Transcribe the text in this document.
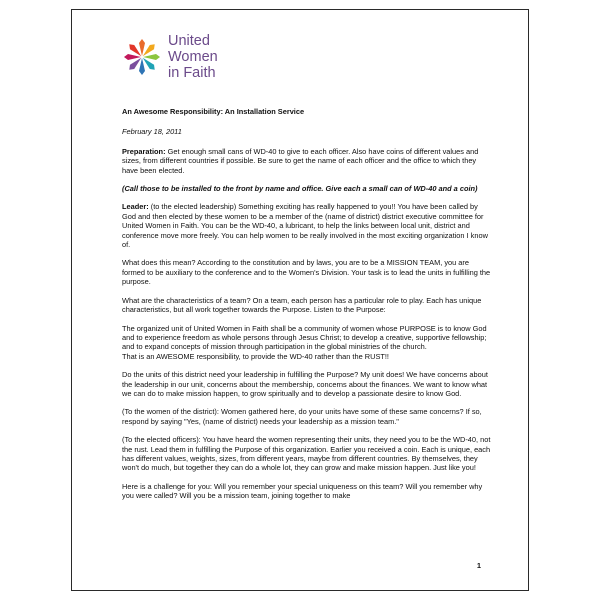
United
Women
in Faith

An Awesome Responsibility: An Installation Service

February 18, 2011

Preparation: Get enough small cans of WD-40 to give to each officer. Also have coins of different values and sizes, from different countries if possible. Be sure to get the name of each officer and the office to which they have been elected.

(Call those to be installed to the front by name and office. Give each a small can of WD-40 and a coin)

Leader: (to the elected leadership) Something exciting has really happened to you!! You have been called by God and then elected by these women to be a member of the (name of district) district executive committee for United Women in Faith. You can be the WD-40, a lubricant, to help the links between local unit, district and conference move more freely. You can help women to be really involved in the most exciting organization I know of.

What does this mean? According to the constitution and by laws, you are to be a MISSION TEAM, you are formed to be auxiliary to the conference and to the Women's Division. Your task is to lead the units in fulfilling the purpose.

What are the characteristics of a team? On a team, each person has a particular role to play. Each has unique characteristics, but all work together towards the Purpose. Listen to the Purpose:

The organized unit of United Women in Faith shall be a community of women whose PURPOSE is to know God and to experience freedom as whole persons through Jesus Christ; to develop a creative, supportive fellowship; and to expand concepts of mission through participation in the global ministries of the church.
That is an AWESOME responsibility, to provide the WD-40 rather than the RUST!!

Do the units of this district need your leadership in fulfilling the Purpose? My unit does! We have concerns about the leadership in our unit, concerns about the membership, concerns about the finances. We want to know what we can do to make mission happen, to grow spiritually and to develop a passionate desire to know God.

(To the women of the district): Women gathered here, do your units have some of these same concerns? If so, respond by saying "Yes, (name of district) needs your leadership as a mission team."

(To the elected officers): You have heard the women representing their units, they need you to be the WD-40, not the rust. Lead them in fulfilling the Purpose of this organization. Earlier you received a coin. Each is unique, each has different values, weights, sizes, from different years, maybe from different countries. By themselves, they won't do much, but together they can do a whole lot, they can grow and make mission happen. Just like you!

Here is a challenge for you: Will you remember your special uniqueness on this team? Will you remember why you were called? Will you be a mission team, joining together to make

1
